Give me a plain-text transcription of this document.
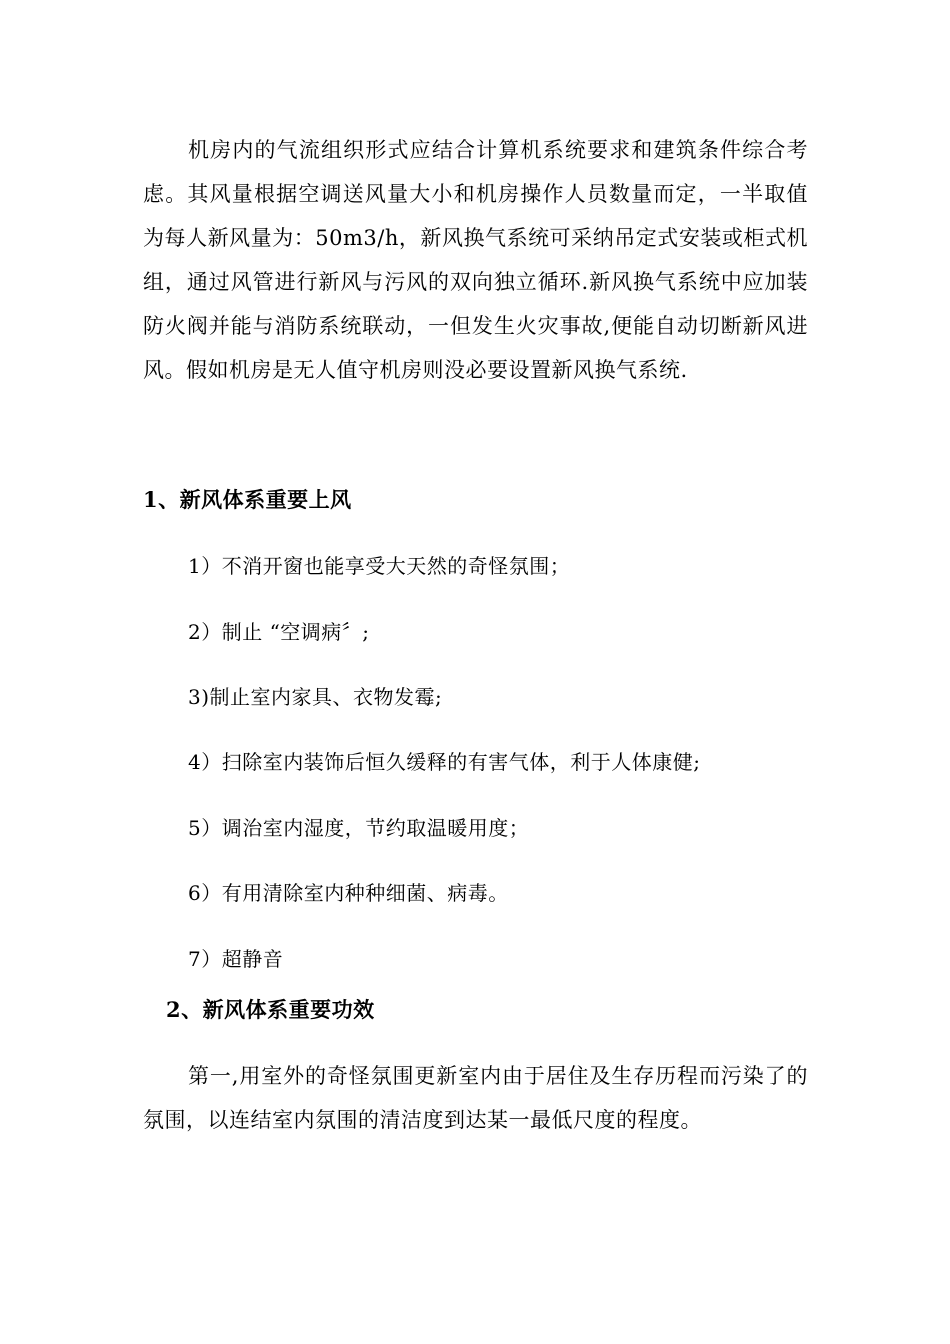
机房内的气流组织形式应结合计算机系统要求和建筑条件综合考虑。其风量根据空调送风量大小和机房操作人员数量而定，一半取值为每人新风量为：50m3/h，新风换气系统可采纳吊定式安装或柜式机组，通过风管进行新风与污风的双向独立循环.新风换气系统中应加装防火阀并能与消防系统联动，一但发生火灾事故,便能自动切断新风进风。假如机房是无人值守机房则没必要设置新风换气系统.

1、新风体系重要上风

1）不消开窗也能享受大天然的奇怪氛围；

2）制止 “空调病〞;

3)制止室内家具、衣物发霉;

4）扫除室内装饰后恒久缓释的有害气体，利于人体康健;

5）调治室内湿度，节约取温暖用度；

6）有用清除室内种种细菌、病毒。

7）超静音

2、新风体系重要功效

第一,用室外的奇怪氛围更新室内由于居住及生存历程而污染了的氛围，以连结室内氛围的清洁度到达某一最低尺度的程度。
